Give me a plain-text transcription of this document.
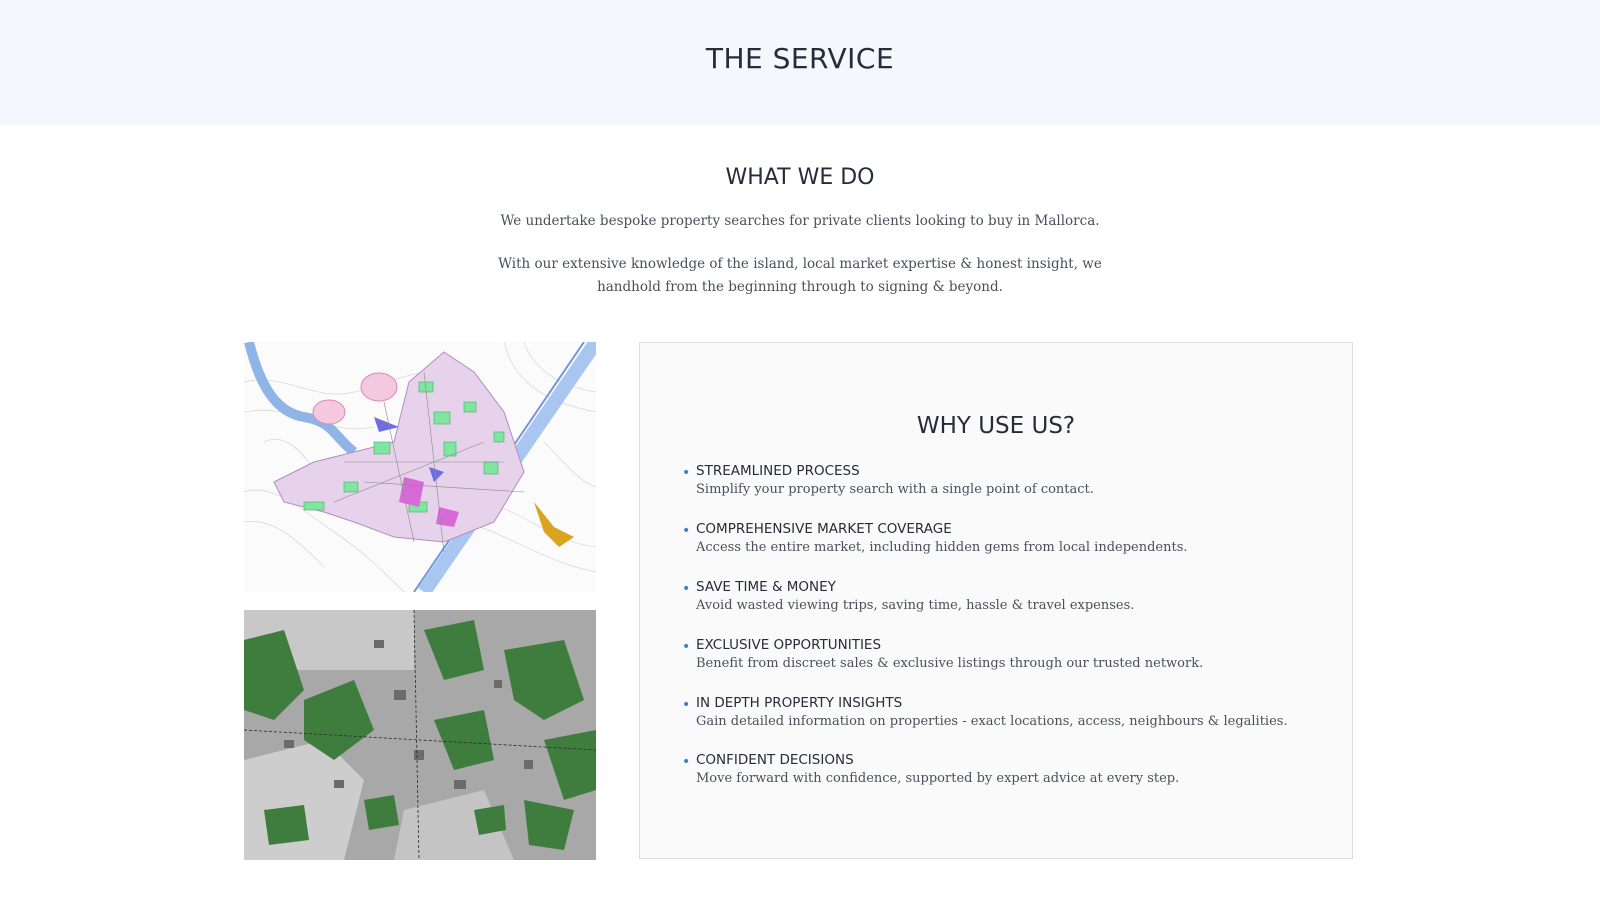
THE SERVICE
WHAT WE DO

We undertake bespoke property searches for private clients looking to buy in Mallorca.

With our extensive knowledge of the island, local market expertise & honest insight, we handhold from the beginning through to signing & beyond.

WHY USE US?
• STREAMLINED PROCESS
Simplify your property search with a single point of contact.
• COMPREHENSIVE MARKET COVERAGE
Access the entire market, including hidden gems from local independents.
• SAVE TIME & MONEY
Avoid wasted viewing trips, saving time, hassle & travel expenses.
• EXCLUSIVE OPPORTUNITIES
Benefit from discreet sales & exclusive listings through our trusted network.
• IN DEPTH PROPERTY INSIGHTS
Gain detailed information on properties - exact locations, access, neighbours & legalities.
• CONFIDENT DECISIONS
Move forward with confidence, supported by expert advice at every step.
